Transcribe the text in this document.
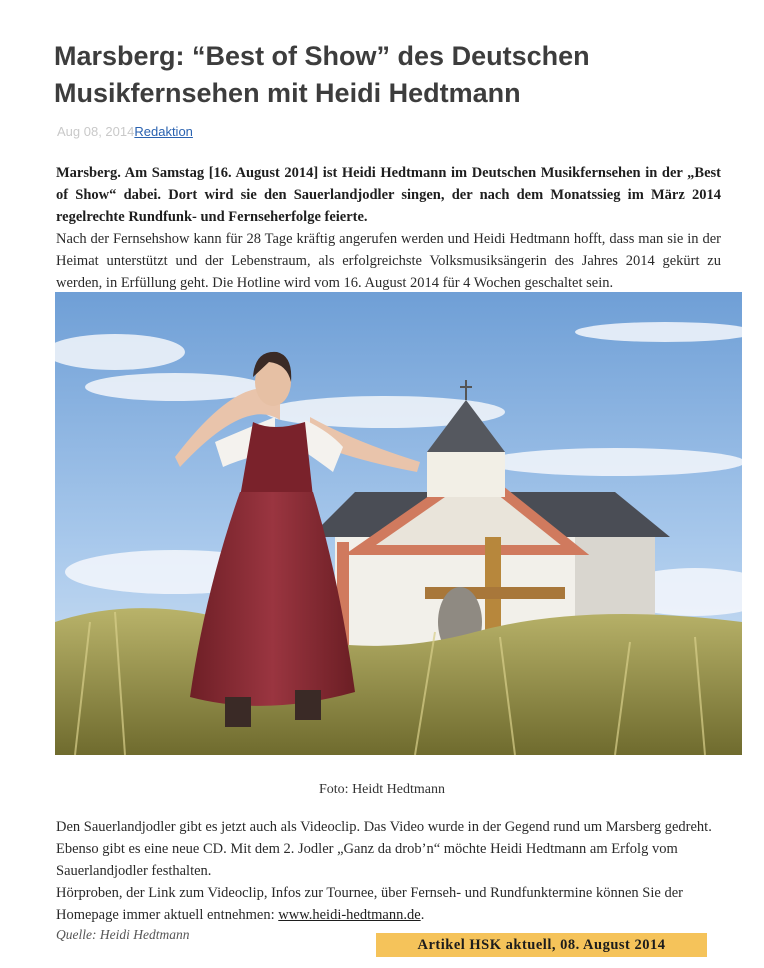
Marsberg: “Best of Show” des Deutschen Musikfernsehen mit Heidi Hedtmann
Aug 08, 2014Redaktion

Marsberg. Am Samstag [16. August 2014] ist Heidi Hedtmann im Deutschen Musikfernsehen in der „Best of Show“ dabei. Dort wird sie den Sauerlandjodler singen, der nach dem Monatssieg im März 2014 regelrechte Rundfunk- und Fernseherfolge feierte.

Nach der Fernsehshow kann für 28 Tage kräftig angerufen werden und Heidi Hedtmann hofft, dass man sie in der Heimat unterstützt und der Lebenstraum, als erfolgreichste Volksmusiksängerin des Jahres 2014 gekürt zu werden, in Erfüllung geht. Die Hotline wird vom 16. August 2014 für 4 Wochen geschaltet sein.

Foto: Heidt Hedtmann
Den Sauerlandjodler gibt es jetzt auch als Videoclip. Das Video wurde in der Gegend rund um Marsberg gedreht. Ebenso gibt es eine neue CD. Mit dem 2. Jodler „Ganz da drob’n“ möchte Heidi Hedtmann am Erfolg vom Sauerlandjodler festhalten.
Hörproben, der Link zum Videoclip, Infos zur Tournee, über Fernseh- und Rundfunktermine können Sie der Homepage immer aktuell entnehmen: www.heidi-hedtmann.de.
Quelle: Heidi Hedtmann
Artikel HSK aktuell, 08. August 2014
